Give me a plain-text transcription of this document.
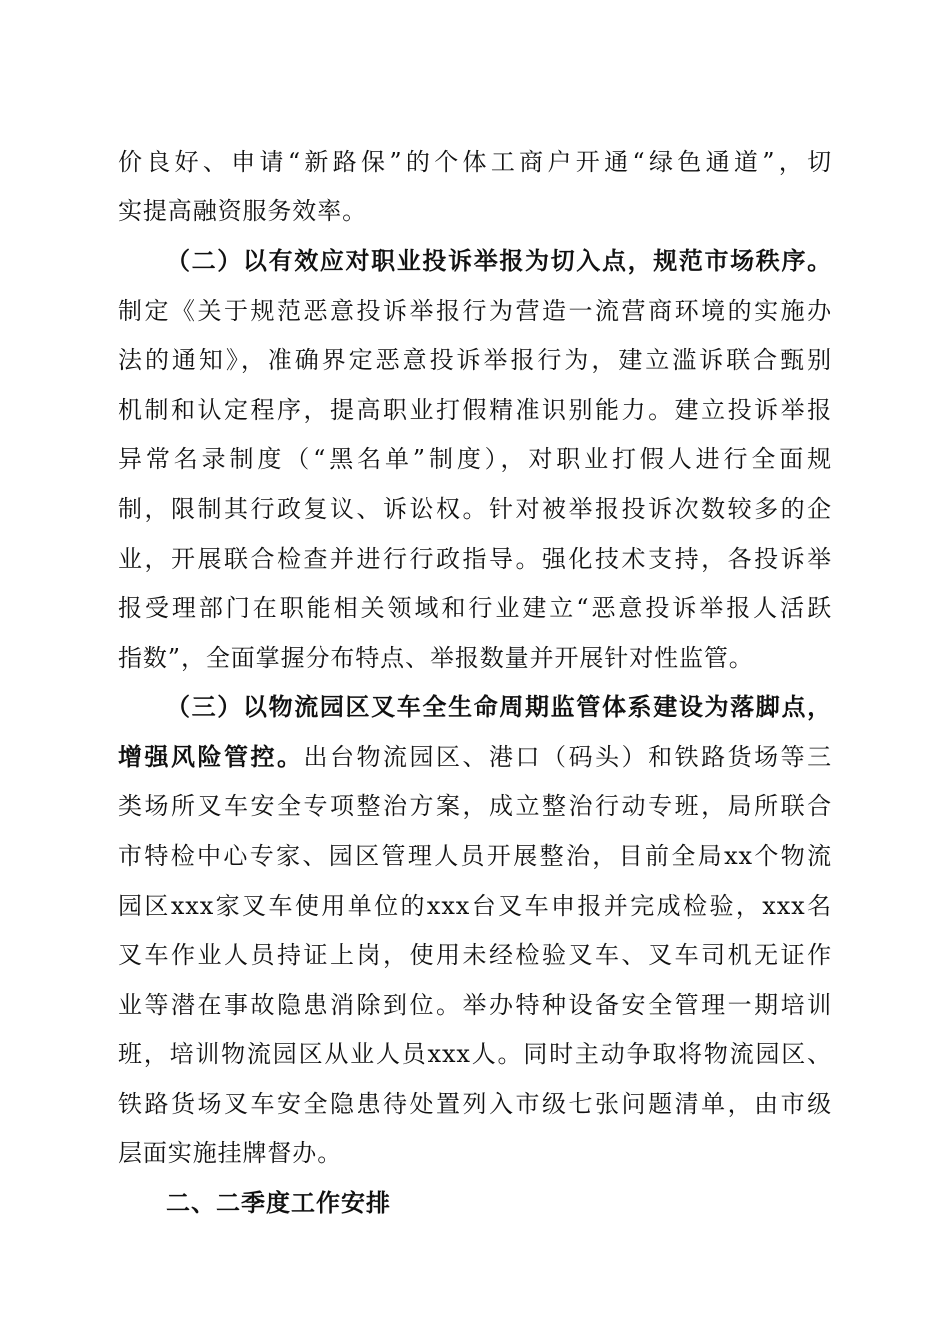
价良好、申请“新路保”的个体工商户开通“绿色通道”，切
实提高融资服务效率。
（二）以有效应对职业投诉举报为切入点，规范市场秩序。
制定《关于规范恶意投诉举报行为营造一流营商环境的实施办
法的通知》，准确界定恶意投诉举报行为，建立滥诉联合甄别
机制和认定程序，提高职业打假精准识别能力。建立投诉举报
异常名录制度（“黑名单”制度），对职业打假人进行全面规
制，限制其行政复议、诉讼权。针对被举报投诉次数较多的企
业，开展联合检查并进行行政指导。强化技术支持，各投诉举
报受理部门在职能相关领域和行业建立“恶意投诉举报人活跃
指数”，全面掌握分布特点、举报数量并开展针对性监管。
（三）以物流园区叉车全生命周期监管体系建设为落脚点，
增强风险管控。出台物流园区、港口（码头）和铁路货场等三
类场所叉车安全专项整治方案，成立整治行动专班，局所联合
市特检中心专家、园区管理人员开展整治，目前全局xx个物流
园区xxx家叉车使用单位的xxx台叉车申报并完成检验，xxx名
叉车作业人员持证上岗，使用未经检验叉车、叉车司机无证作
业等潜在事故隐患消除到位。举办特种设备安全管理一期培训
班，培训物流园区从业人员xxx人。同时主动争取将物流园区、
铁路货场叉车安全隐患待处置列入市级七张问题清单，由市级
层面实施挂牌督办。
二、二季度工作安排
